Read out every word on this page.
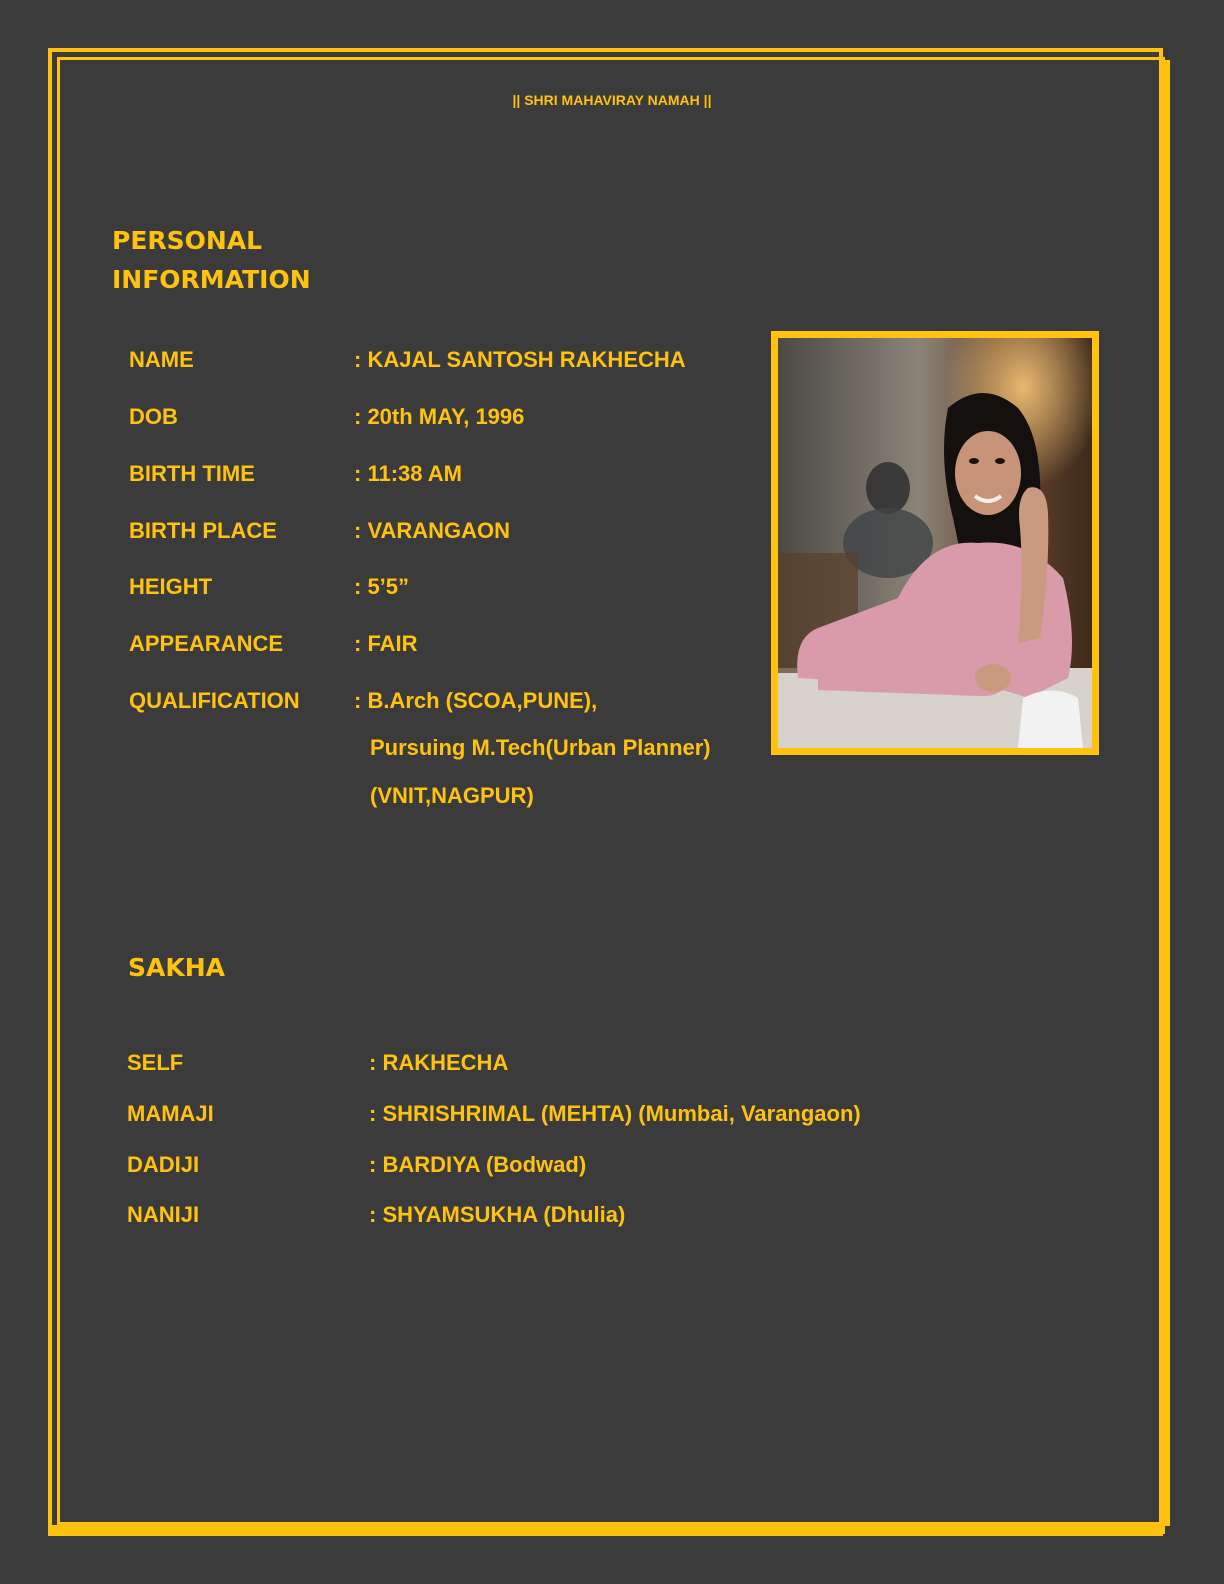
|| SHRI MAHAVIRAY NAMAH ||
PERSONAL
INFORMATION
NAME	: KAJAL SANTOSH RAKHECHA
DOB	: 20th MAY, 1996
BIRTH TIME	: 11:38 AM
BIRTH PLACE	: VARANGAON
HEIGHT	: 5’5”
APPEARANCE	: FAIR
QUALIFICATION : B.Arch (SCOA,PUNE),
Pursuing M.Tech(Urban Planner)
(VNIT,NAGPUR)
SAKHA
SELF	: RAKHECHA
MAMAJI	: SHRISHRIMAL (MEHTA) (Mumbai, Varangaon)
DADIJI	: BARDIYA (Bodwad)
NANIJI	: SHYAMSUKHA (Dhulia)
